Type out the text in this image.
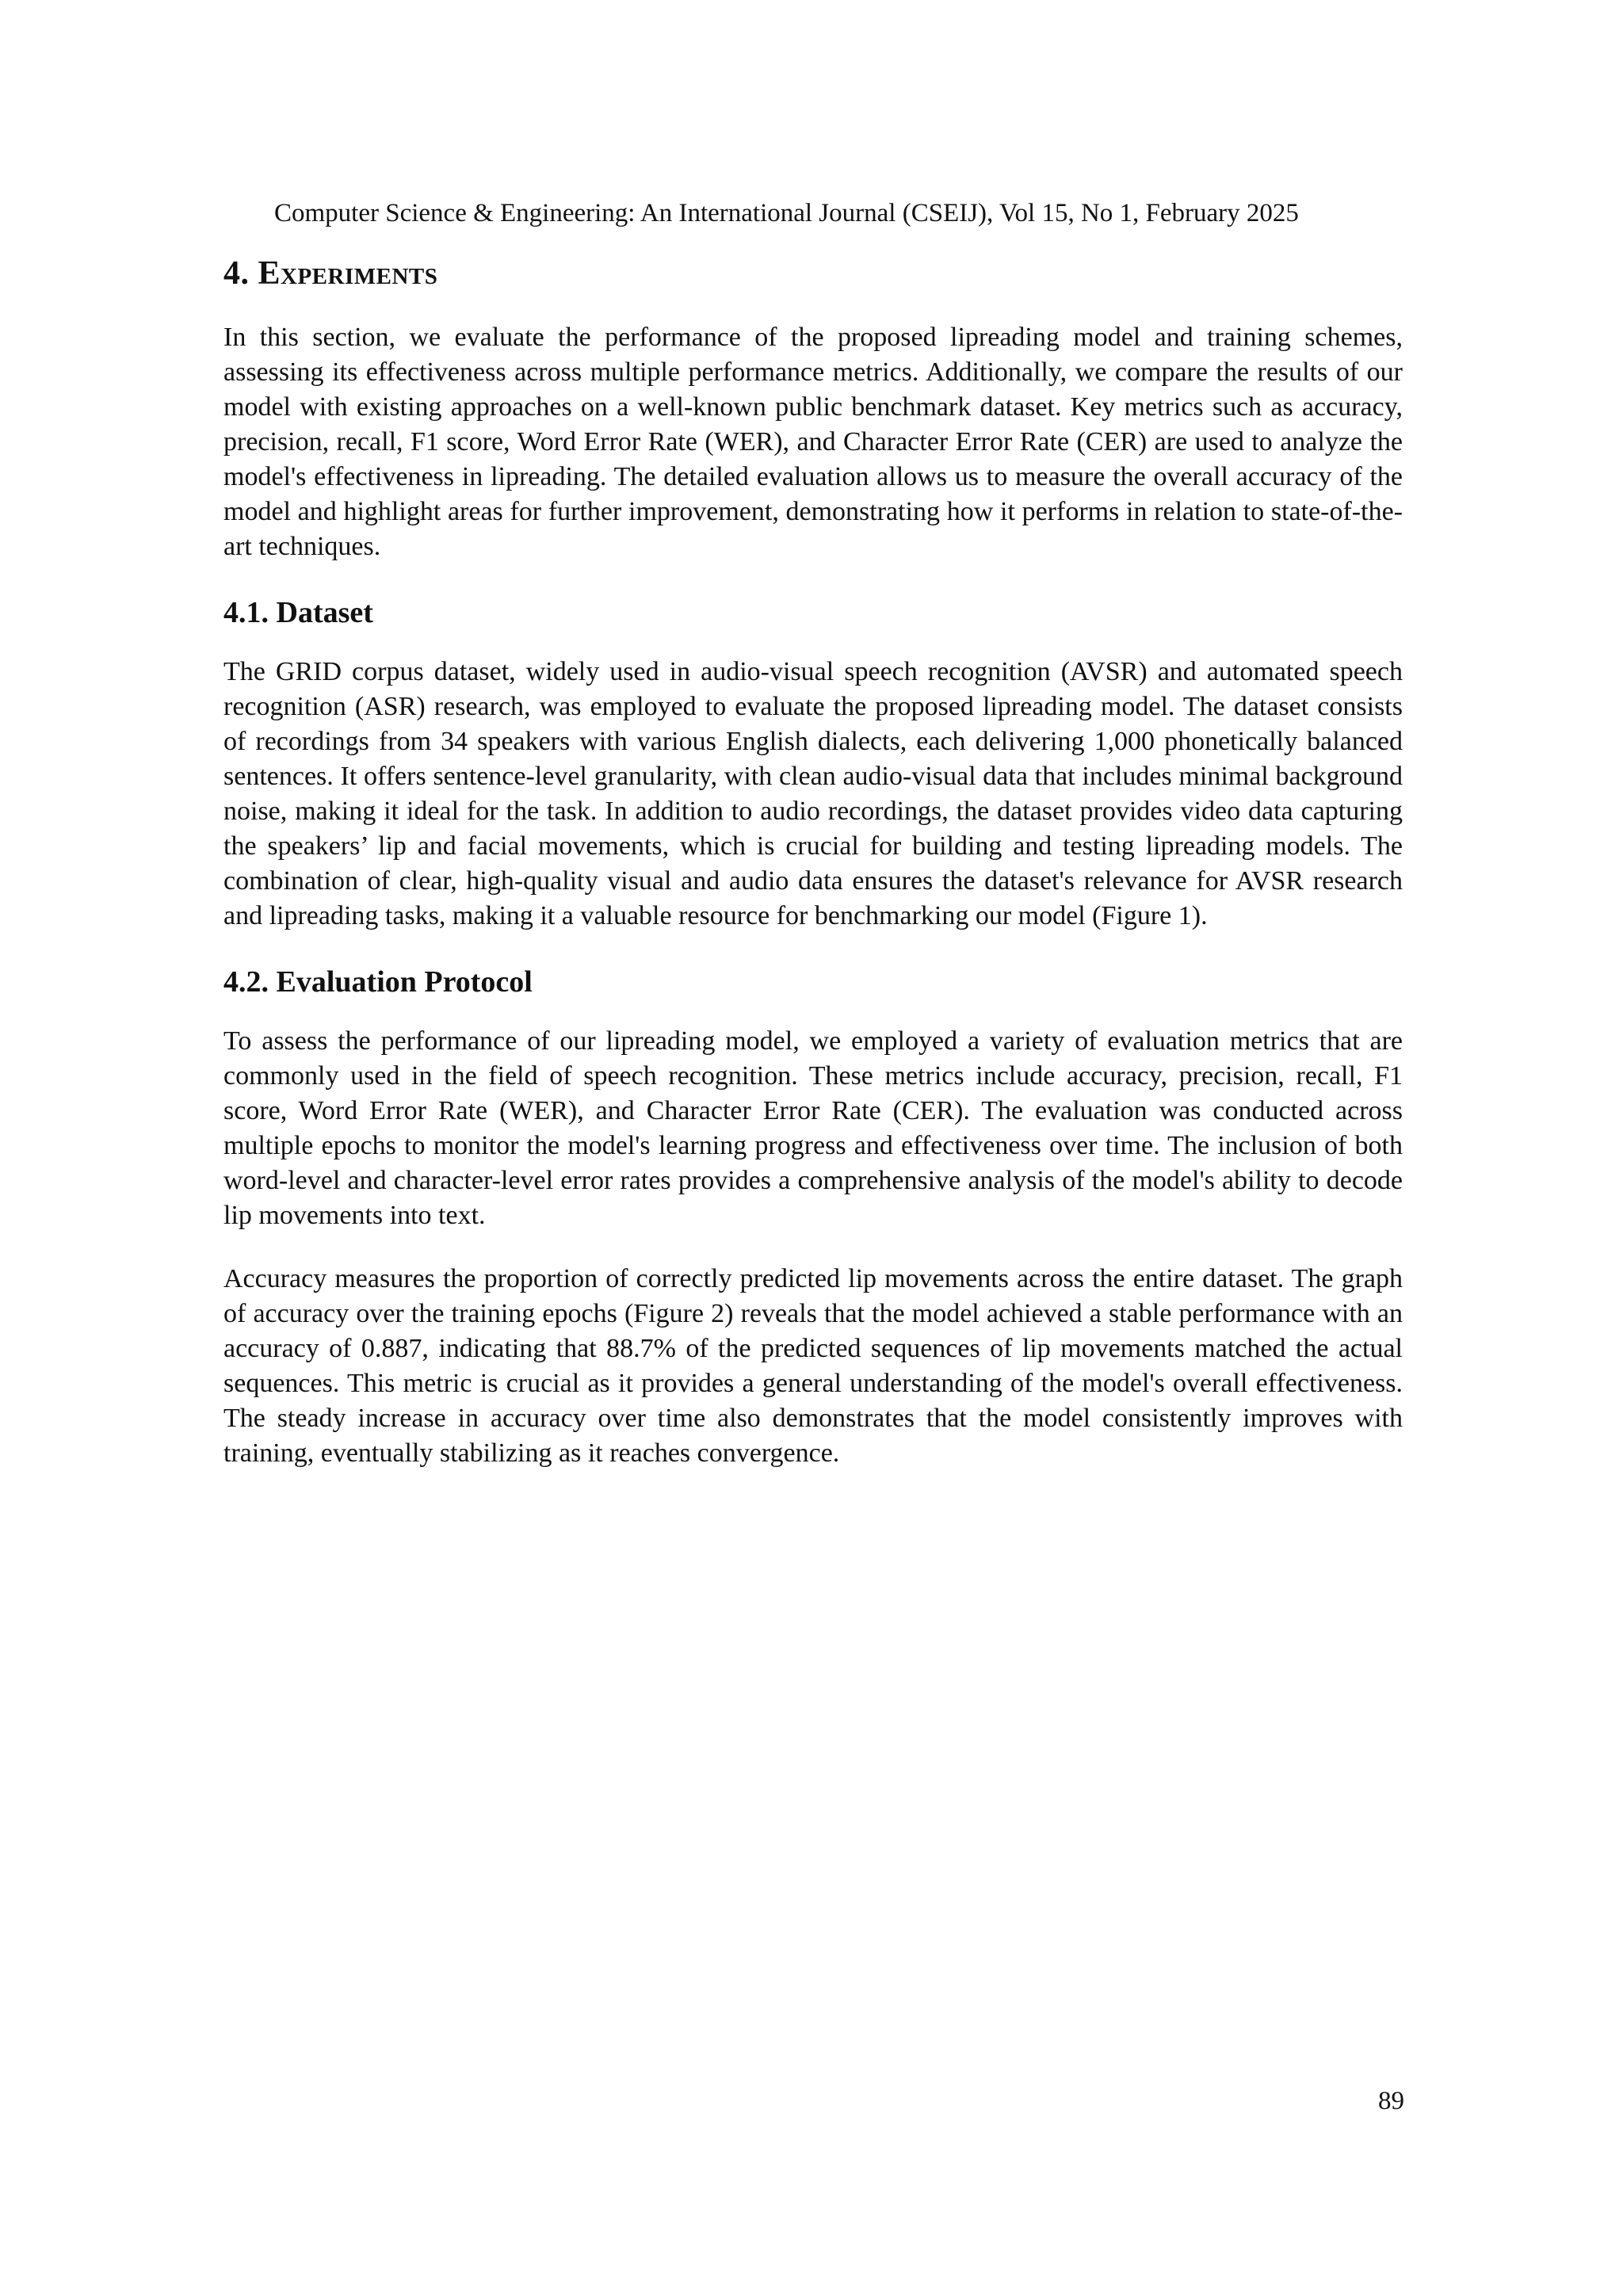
Computer Science & Engineering: An International Journal (CSEIJ), Vol 15, No 1, February 2025
4. Experiments

In this section, we evaluate the performance of the proposed lipreading model and training schemes, assessing its effectiveness across multiple performance metrics. Additionally, we compare the results of our model with existing approaches on a well-known public benchmark dataset. Key metrics such as accuracy, precision, recall, F1 score, Word Error Rate (WER), and Character Error Rate (CER) are used to analyze the model's effectiveness in lipreading. The detailed evaluation allows us to measure the overall accuracy of the model and highlight areas for further improvement, demonstrating how it performs in relation to state-of-the-art techniques.

4.1. Dataset

The GRID corpus dataset, widely used in audio-visual speech recognition (AVSR) and automated speech recognition (ASR) research, was employed to evaluate the proposed lipreading model. The dataset consists of recordings from 34 speakers with various English dialects, each delivering 1,000 phonetically balanced sentences. It offers sentence-level granularity, with clean audio-visual data that includes minimal background noise, making it ideal for the task. In addition to audio recordings, the dataset provides video data capturing the speakers’ lip and facial movements, which is crucial for building and testing lipreading models. The combination of clear, high-quality visual and audio data ensures the dataset's relevance for AVSR research and lipreading tasks, making it a valuable resource for benchmarking our model (Figure 1).

4.2. Evaluation Protocol

To assess the performance of our lipreading model, we employed a variety of evaluation metrics that are commonly used in the field of speech recognition. These metrics include accuracy, precision, recall, F1 score, Word Error Rate (WER), and Character Error Rate (CER). The evaluation was conducted across multiple epochs to monitor the model's learning progress and effectiveness over time. The inclusion of both word-level and character-level error rates provides a comprehensive analysis of the model's ability to decode lip movements into text.

Accuracy measures the proportion of correctly predicted lip movements across the entire dataset. The graph of accuracy over the training epochs (Figure 2) reveals that the model achieved a stable performance with an accuracy of 0.887, indicating that 88.7% of the predicted sequences of lip movements matched the actual sequences. This metric is crucial as it provides a general understanding of the model's overall effectiveness. The steady increase in accuracy over time also demonstrates that the model consistently improves with training, eventually stabilizing as it reaches convergence.

89
